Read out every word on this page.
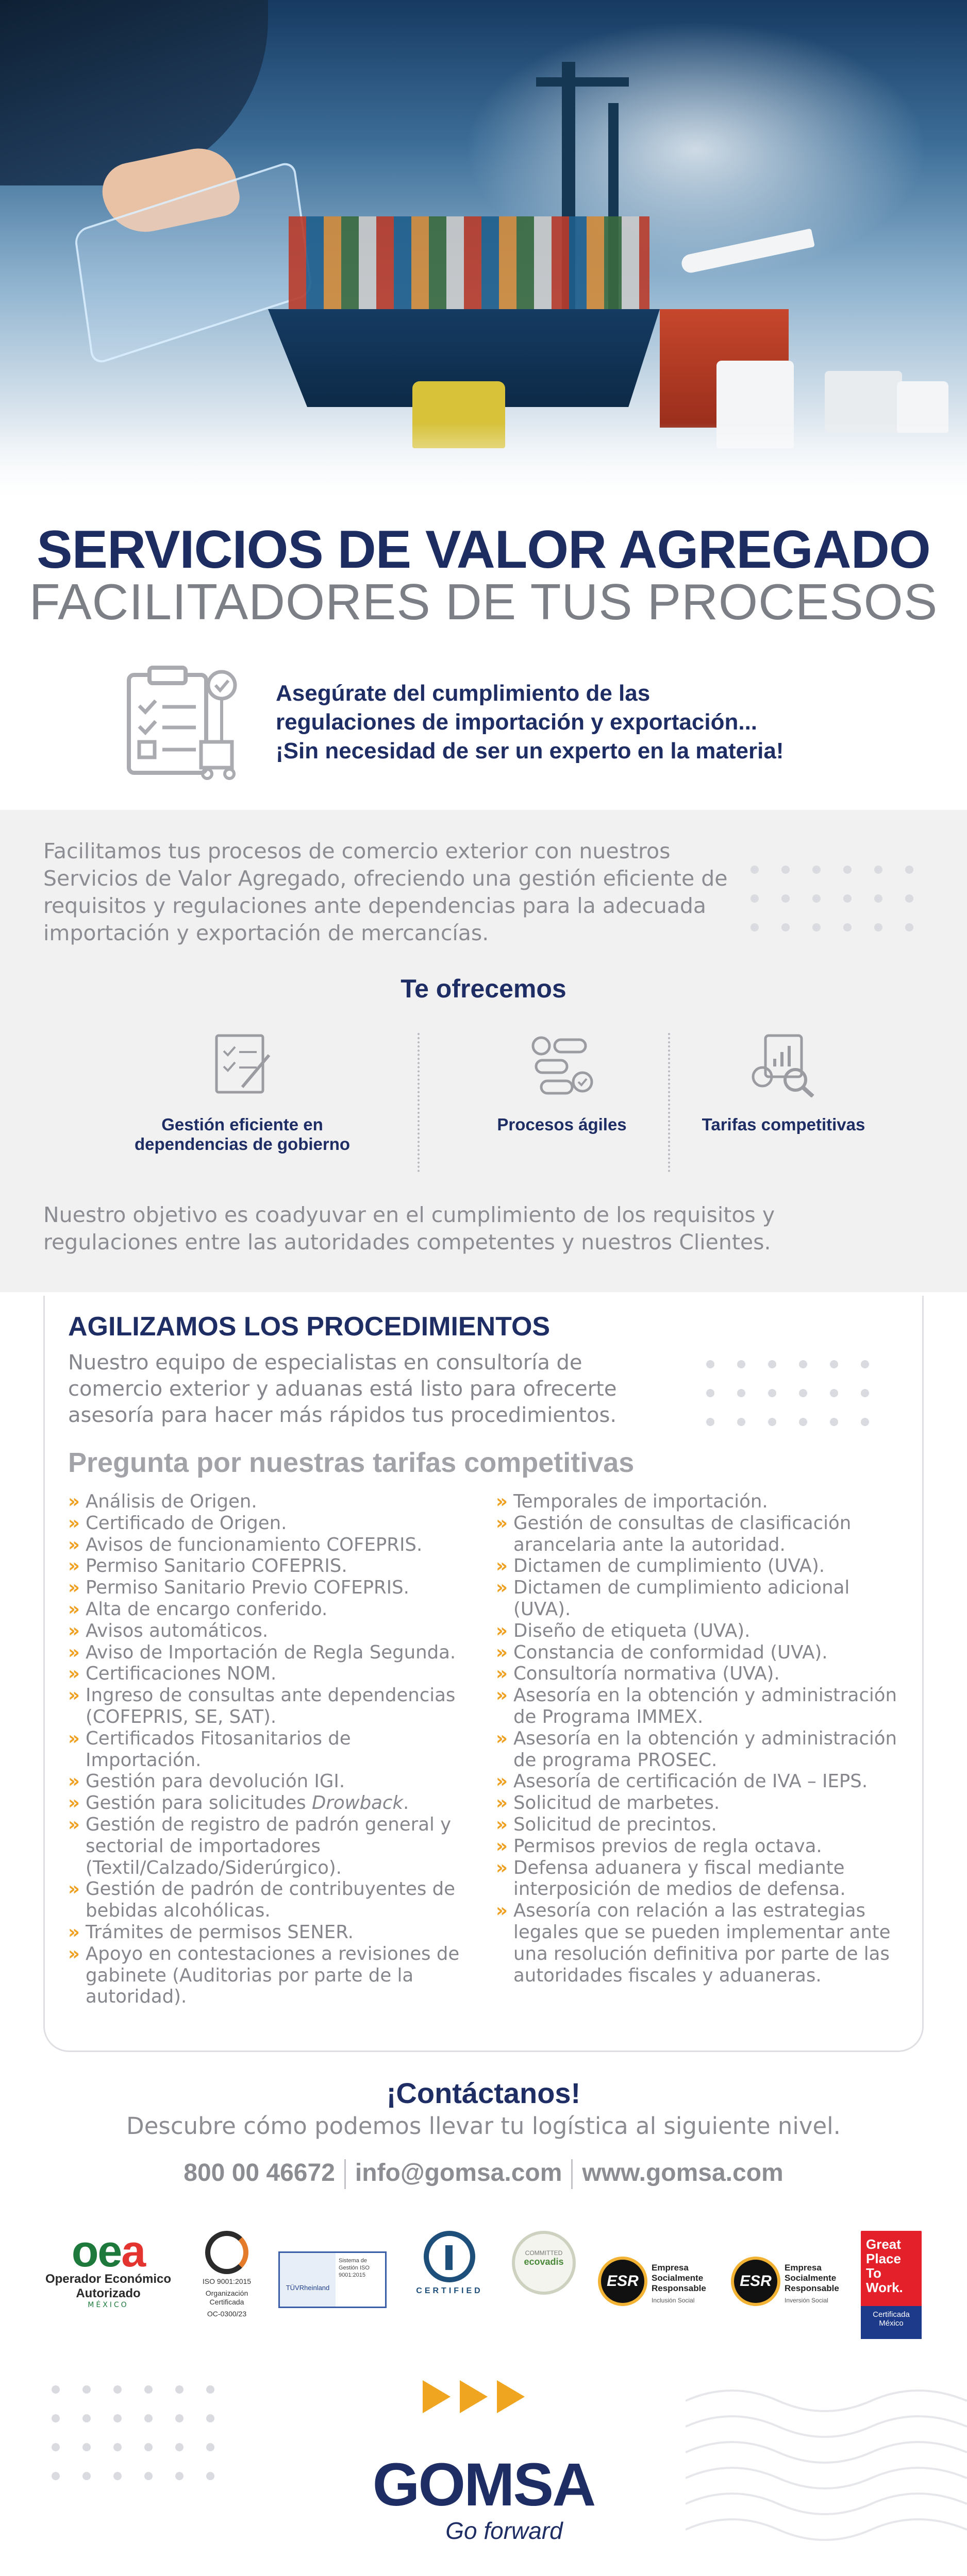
SERVICIOS DE VALOR AGREGADO
FACILITADORES DE TUS PROCESOS
Asegúrate del cumplimiento de las
regulaciones de importación y exportación...
¡Sin necesidad de ser un experto en la materia!
Facilitamos tus procesos de comercio exterior con nuestros Servicios de Valor Agregado, ofreciendo una gestión eficiente de requisitos y regulaciones ante dependencias para la adecuada importación y exportación de mercancías.
Te ofrecemos
Gestión eficiente en dependencias de gobierno
Procesos ágiles	Tarifas competitivas
Nuestro objetivo es coadyuvar en el cumplimiento de los requisitos y regulaciones entre las autoridades competentes y nuestros Clientes.
AGILIZAMOS LOS PROCEDIMIENTOS
Nuestro equipo de especialistas en consultoría de comercio exterior y aduanas está listo para ofrecerte asesoría para hacer más rápidos tus procedimientos.
Pregunta por nuestras tarifas competitivas
» Análisis de Origen.
» Certificado de Origen.
» Avisos de funcionamiento COFEPRIS.
» Permiso Sanitario COFEPRIS.
» Permiso Sanitario Previo COFEPRIS.
» Alta de encargo conferido.
» Avisos automáticos.
» Aviso de Importación de Regla Segunda.
» Certificaciones NOM.
» Ingreso de consultas ante dependencias (COFEPRIS, SE, SAT).
» Certificados Fitosanitarios de Importación.
» Gestión para devolución IGI.
» Gestión para solicitudes Drowback.
» Gestión de registro de padrón general y sectorial de importadores (Textil/Calzado/Siderúrgico).
» Gestión de padrón de contribuyentes de bebidas alcohólicas.
» Trámites de permisos SENER.
» Apoyo en contestaciones a revisiones de gabinete (Auditorias por parte de la autoridad).
» Temporales de importación.
» Gestión de consultas de clasificación arancelaria ante la autoridad.
» Dictamen de cumplimiento (UVA).
» Dictamen de cumplimiento adicional (UVA).
» Diseño de etiqueta (UVA).
» Constancia de conformidad (UVA).
» Consultoría normativa (UVA).
» Asesoría en la obtención y administración de Programa IMMEX.
» Asesoría en la obtención y administración de programa PROSEC.
» Asesoría de certificación de IVA – IEPS.
» Solicitud de marbetes.
» Solicitud de precintos.
» Permisos previos de regla octava.
» Defensa aduanera y fiscal mediante interposición de medios de defensa.
» Asesoría con relación a las estrategias legales que se pueden implementar ante una resolución definitiva por parte de las autoridades fiscales y aduaneras.
¡Contáctanos!
Descubre cómo podemos llevar tu logística al siguiente nivel.
800 00 46672 info@gomsa.com www.gomsa.com
oea
Operador Económico
Autorizado
MÉXICO
ISO 9001:2015
Organización Certificada
OC-0300/23
TÜVRheinland
Sistema de Gestión ISO 9001:2015
CERTIFIED
COMMITTED
ecovadis
ESR
Empresa Socialmente Responsable
Inclusión Social
ESR
Empresa Socialmente Responsable
Inversión Social
Great Place To Work.
Certificada
México
GOMSA
Go forward
